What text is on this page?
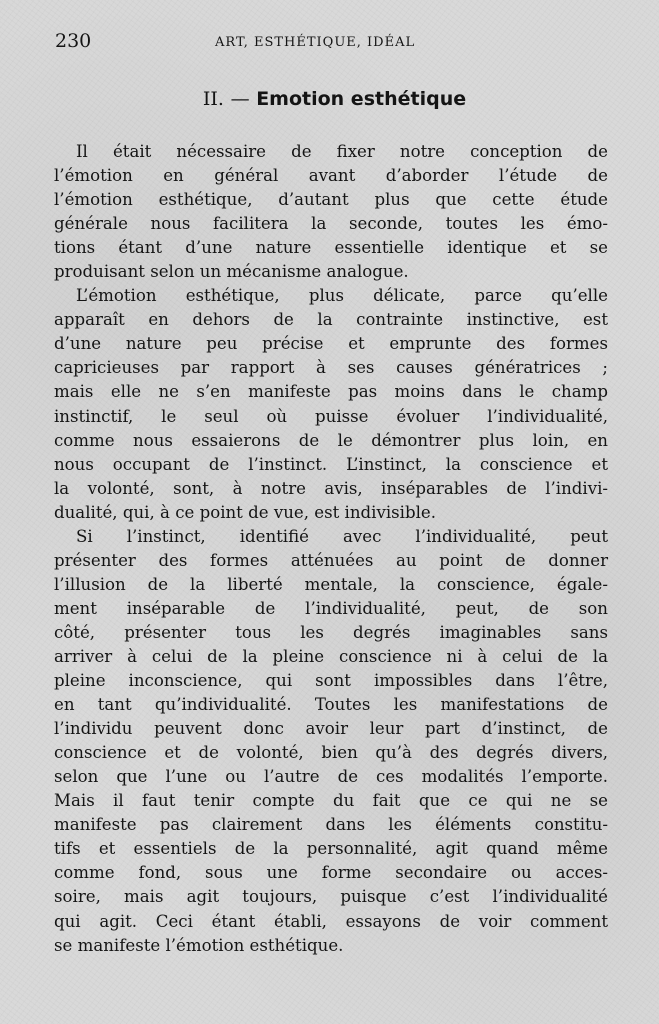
230	ART, ESTHÉTIQUE, IDÉAL
II. — Emotion esthétique
Il était nécessaire de fixer notre conception de
l’émotion en général avant d’aborder l’étude de
l’émotion esthétique, d’autant plus que cette étude
générale nous facilitera la seconde, toutes les émo-
tions étant d’une nature essentielle identique et se
produisant selon un mécanisme analogue.
L’émotion esthétique, plus délicate, parce qu’elle
apparaît en dehors de la contrainte instinctive, est
d’une nature peu précise et emprunte des formes
capricieuses par rapport à ses causes génératrices ;
mais elle ne s’en manifeste pas moins dans le champ
instinctif, le seul où puisse évoluer l’individualité,
comme nous essaierons de le démontrer plus loin, en
nous occupant de l’instinct. L’instinct, la conscience et
la volonté, sont, à notre avis, inséparables de l’indivi-
dualité, qui, à ce point de vue, est indivisible.
Si l’instinct, identifié avec l’individualité, peut
présenter des formes atténuées au point de donner
l’illusion de la liberté mentale, la conscience, égale-
ment inséparable de l’individualité, peut, de son
côté, présenter tous les degrés imaginables sans
arriver à celui de la pleine conscience ni à celui de la
pleine inconscience, qui sont impossibles dans l’être,
en tant qu’individualité. Toutes les manifestations de
l’individu peuvent donc avoir leur part d’instinct, de
conscience et de volonté, bien qu’à des degrés divers,
selon que l’une ou l’autre de ces modalités l’emporte.
Mais il faut tenir compte du fait que ce qui ne se
manifeste pas clairement dans les éléments constitu-
tifs et essentiels de la personnalité, agit quand même
comme fond, sous une forme secondaire ou acces-
soire, mais agit toujours, puisque c’est l’individualité
qui agit. Ceci étant établi, essayons de voir comment
se manifeste l’émotion esthétique.
